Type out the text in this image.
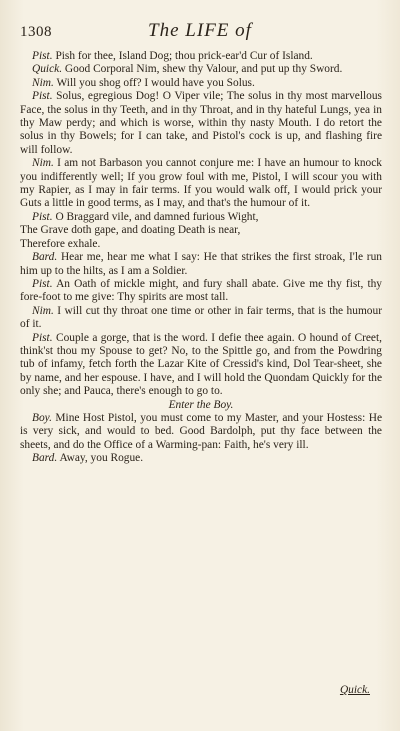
1308	The LIFE of

Pist. Pish for thee, Island Dog; thou prick-ear'd Cur of Island.

Quick. Good Corporal Nim, shew thy Valour, and put up thy Sword.

Nim. Will you shog off? I would have you Solus.

Pist. Solus, egregious Dog! O Viper vile; The solus in thy most marvellous Face, the solus in thy Teeth, and in thy Throat, and in thy hateful Lungs, yea in thy Maw perdy; and which is worse, within thy nasty Mouth. I do retort the solus in thy Bowels; for I can take, and Pistol's cock is up, and flashing fire will follow.

Nim. I am not Barbason you cannot conjure me: I have an humour to knock you indifferently well; If you grow foul with me, Pistol, I will scour you with my Rapier, as I may in fair terms. If you would walk off, I would prick your Guts a little in good terms, as I may, and that's the humour of it.

Pist. O Braggard vile, and damned furious Wight,

The Grave doth gape, and doating Death is near,

Therefore exhale.

Bard. Hear me, hear me what I say: He that strikes the first stroak, I'le run him up to the hilts, as I am a Soldier.

Pist. An Oath of mickle might, and fury shall abate. Give me thy fist, thy fore-foot to me give: Thy spirits are most tall.

Nim. I will cut thy throat one time or other in fair terms, that is the humour of it.

Pist. Couple a gorge, that is the word. I defie thee again. O hound of Creet, think'st thou my Spouse to get? No, to the Spittle go, and from the Powdring tub of infamy, fetch forth the Lazar Kite of Cressid's kind, Dol Tear-sheet, she by name, and her espouse. I have, and I will hold the Quondam Quickly for the only she; and Pauca, there's enough to go to.

Enter the Boy.

Boy. Mine Host Pistol, you must come to my Master, and your Hostess: He is very sick, and would to bed. Good Bardolph, put thy face between the sheets, and do the Office of a Warming-pan: Faith, he's very ill.

Bard. Away, you Rogue.

Quick.
